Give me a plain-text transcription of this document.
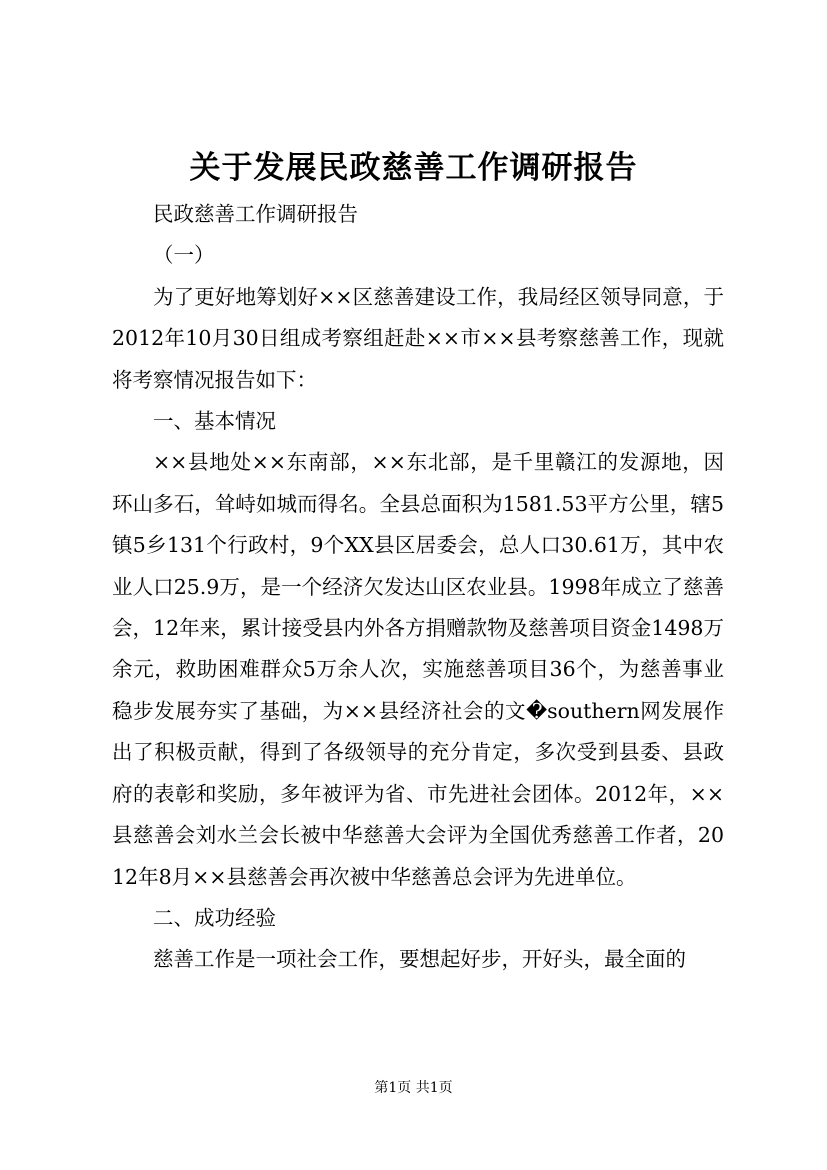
关于发展民政慈善工作调研报告

民政慈善工作调研报告

（一）

为了更好地筹划好××区慈善建设工作，我局经区领导同意，于2012年10月30日组成考察组赶赴××市××县考察慈善工作，现就将考察情况报告如下：

一、基本情况

××县地处××东南部，××东北部，是千里赣江的发源地，因环山多石，耸峙如城而得名。全县总面积为1581.53平方公里，辖5镇5乡131个行政村，9个XX县区居委会，总人口30.61万，其中农业人口25.9万，是一个经济欠发达山区农业县。1998年成立了慈善会，12年来，累计接受县内外各方捐赠款物及慈善项目资金1498万余元，救助困难群众5万余人次，实施慈善项目36个，为慈善事业稳步发展夯实了基础，为××县经济社会的文�southern网发展作出了积极贡献，得到了各级领导的充分肯定，多次受到县委、县政府的表彰和奖励，多年被评为省、市先进社会团体。2012年，××县慈善会刘水兰会长被中华慈善大会评为全国优秀慈善工作者，2012年8月××县慈善会再次被中华慈善总会评为先进单位。

二、成功经验

慈善工作是一项社会工作，要想起好步，开好头，最全面的

第1页 共1页
